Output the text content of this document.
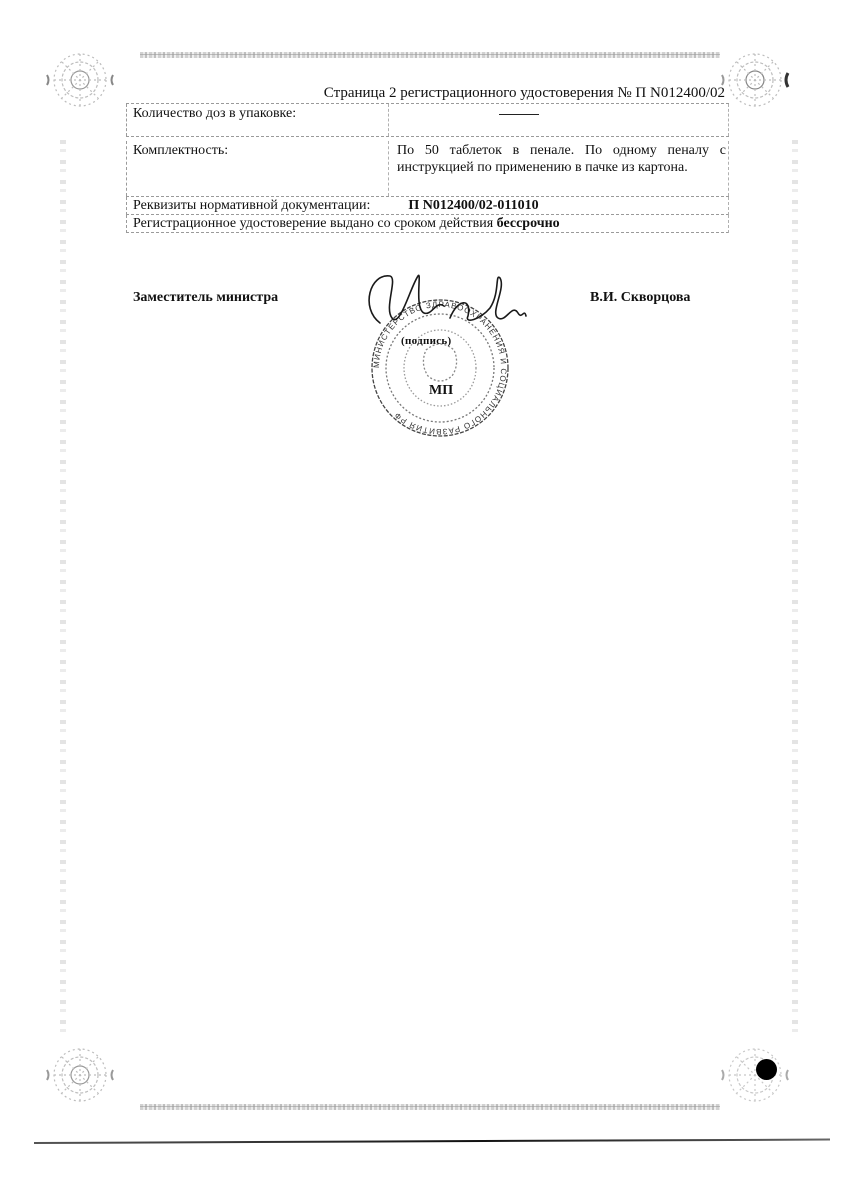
Страница 2 регистрационного удостоверения № П N012400/02
Количество доз в упаковке:
Комплектность:	По 50 таблеток в пенале. По одному пеналу с инструкцией по применению в пачке из картона.
Реквизиты нормативной документации:	П N012400/02-011010
Регистрационное удостоверение выдано со сроком действия бессрочно
Заместитель министра	В.И. Скворцова
МИНИСТЕРСТВО ЗДРАВООХРАНЕНИЯ И СОЦИАЛЬНОГО РАЗВИТИЯ РФ
(подпись)
МП
